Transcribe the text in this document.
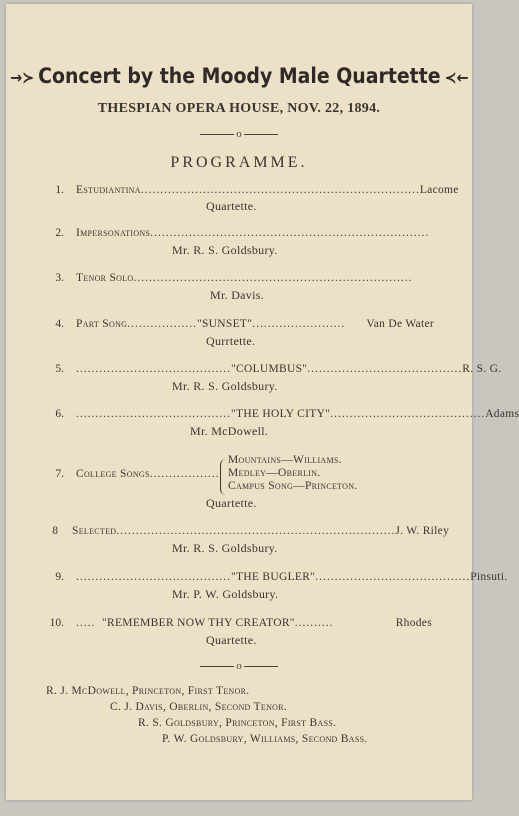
→≻ Concert by the Moody Male Quartette ≺←
THESPIAN OPERA HOUSE, NOV. 22, 1894.
o
PROGRAMME.
1. Estudiantina ........................................................................ Lacome
Quartette.
2. Impersonations ........................................................................
Mr. R. S. Goldsbury.
3. Tenor Solo ........................................................................
Mr. Davis.
4. Part Song .................. "SUNSET" ........................	Van De Water
Qurrtette.
5. ........................................ "COLUMBUS" ........................................ R. S. G.
Mr. R. S. Goldsbury.
6. ........................................ "THE HOLY CITY" ........................................ Adams
Mr. McDowell.
7. College Songs ..................
Mountains—Williams.
Medley—Oberlin.
Campus Song—Princeton.
Quartette.
8 Selected ........................................................................ J. W. Riley
Mr. R. S. Goldsbury.
9. ........................................ "THE BUGLER" ........................................ Pinsuti.
Mr. P. W. Goldsbury.
10. ..... "REMEMBER NOW THY CREATOR" ..........	Rhodes
Quartette.
o
R. J. McDowell, Princeton, First Tenor.
C. J. Davis, Oberlin, Second Tenor.
R. S. Goldsbury, Princeton, First Bass.
P. W. Goldsbury, Williams, Second Bass.
